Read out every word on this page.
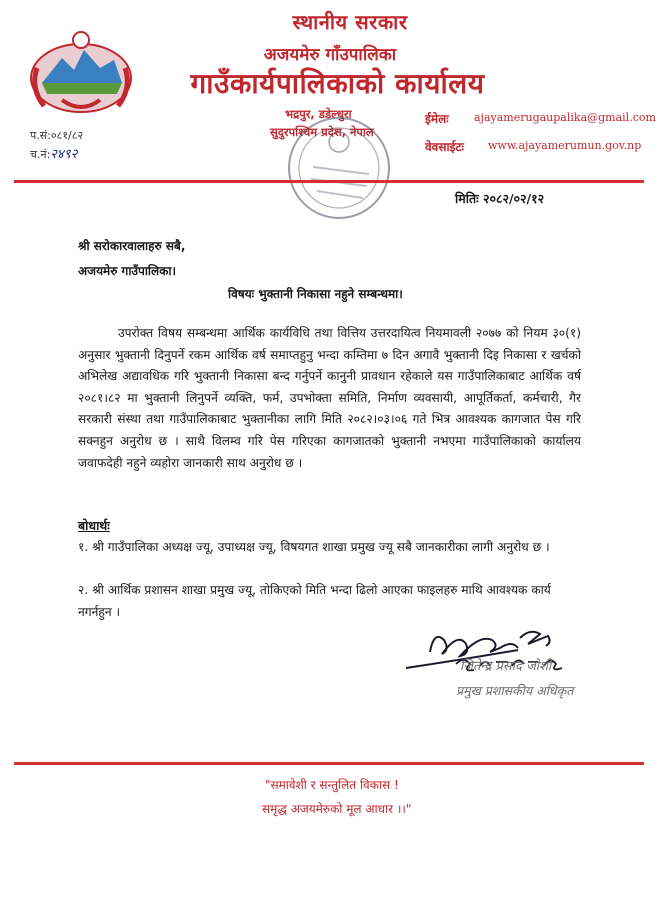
स्थानीय सरकार
अजयमेरु गाँउपालिका
गाउँकार्यपालिकाको कार्यालय
भद्रपुर, डडेल्धुरा
सुदुरपश्चिम प्रदेश, नेपाल
ईमेलः ajayamerugaupalika@gmail.com
वेवसाईटः www.ajayamerumun.gov.np
प.सं:०८१/८२
च.नं:२४९२
मितिः २०८२/०२/१२
श्री सरोकारवालाहरु सबै,
अजयमेरु गाउँपालिका।
विषयः भुक्तानी निकासा नहुने सम्बन्धमा।
उपरोक्त विषय सम्बन्धमा आर्थिक कार्यविधि तथा वित्तिय उत्तरदायित्व नियमावली २०७७ को नियम ३०(१) अनुसार भुक्तानी दिनुपर्ने रकम आर्थिक वर्ष समाप्तहुनु भन्दा कम्तिमा ७ दिन अगावै भुक्तानी दिइ निकासा र खर्चको अभिलेख अद्यावधिक गरि भुक्तानी निकासा बन्द गर्नुपर्ने कानुनी प्रावधान रहेकाले यस गाउँपालिकाबाट आर्थिक वर्ष २०८१।८२ मा भुक्तानी लिनुपर्ने व्यक्ति, फर्म, उपभोक्ता समिति, निर्माण व्यवसायी, आपूर्तिकर्ता, कर्मचारी, गैर सरकारी संस्था तथा गाउँपालिकाबाट भुक्तानीका लागि मिति २०८२।०३।०६ गते भित्र आवश्यक कागजात पेस गरि सक्नहुन अनुरोध छ । साथै विलम्व गरि पेस गरिएका कागजातको भुक्तानी नभएमा गाउँपालिकाको कार्यालय जवाफदेही नहुने व्यहोरा जानकारी साथ अनुरोध छ ।
बोधार्थः
१. श्री गाउँपालिका अध्यक्ष ज्यू, उपाध्यक्ष ज्यू, विषयगत शाखा प्रमुख ज्यू सबै जानकारीका लागी अनुरोध छ ।
२. श्री आर्थिक प्रशासन शाखा प्रमुख ज्यू, तोकिएको मिति भन्दा ढिलो आएका फाइलहरु माथि आवश्यक कार्य नगर्नहुन ।
जितेन्द्र प्रसाद जोशी
प्रमुख प्रशासकीय अधिकृत
"समावेशी र सन्तुलित विकास !
समृद्ध अजयमेरुको मूल आधार ।।"
